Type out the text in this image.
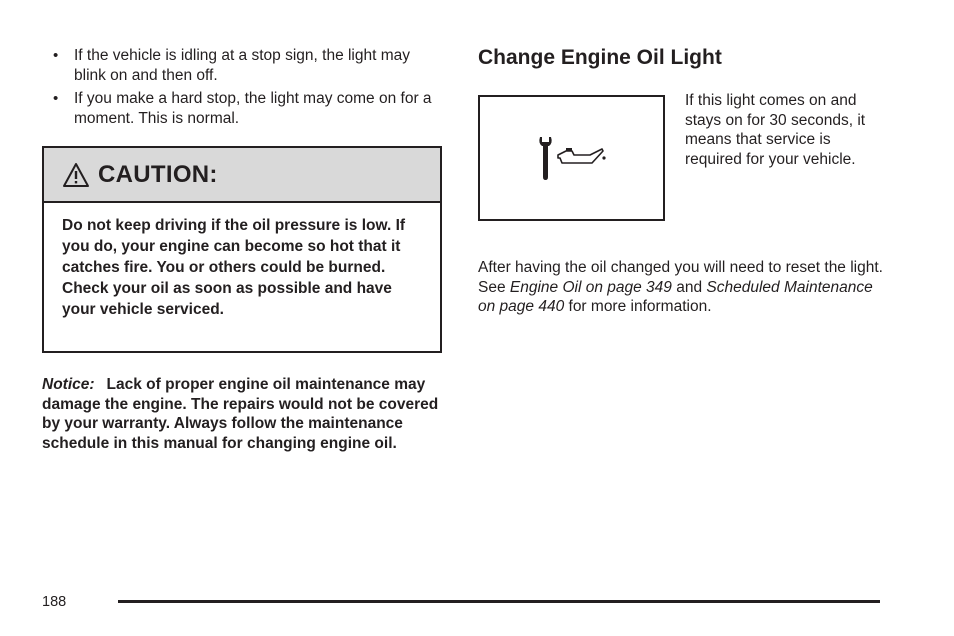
• If the vehicle is idling at a stop sign, the light may blink on and then off.
• If you make a hard stop, the light may come on for a moment. This is normal.
CAUTION:
Do not keep driving if the oil pressure is low. If you do, your engine can become so hot that it catches fire. You or others could be burned. Check your oil as soon as possible and have your vehicle serviced.
Notice: Lack of proper engine oil maintenance may damage the engine. The repairs would not be covered by your warranty. Always follow the maintenance schedule in this manual for changing engine oil.
Change Engine Oil Light
If this light comes on and stays on for 30 seconds, it means that service is required for your vehicle.
After having the oil changed you will need to reset the light. See Engine Oil on page 349 and Scheduled Maintenance on page 440 for more information.
188
